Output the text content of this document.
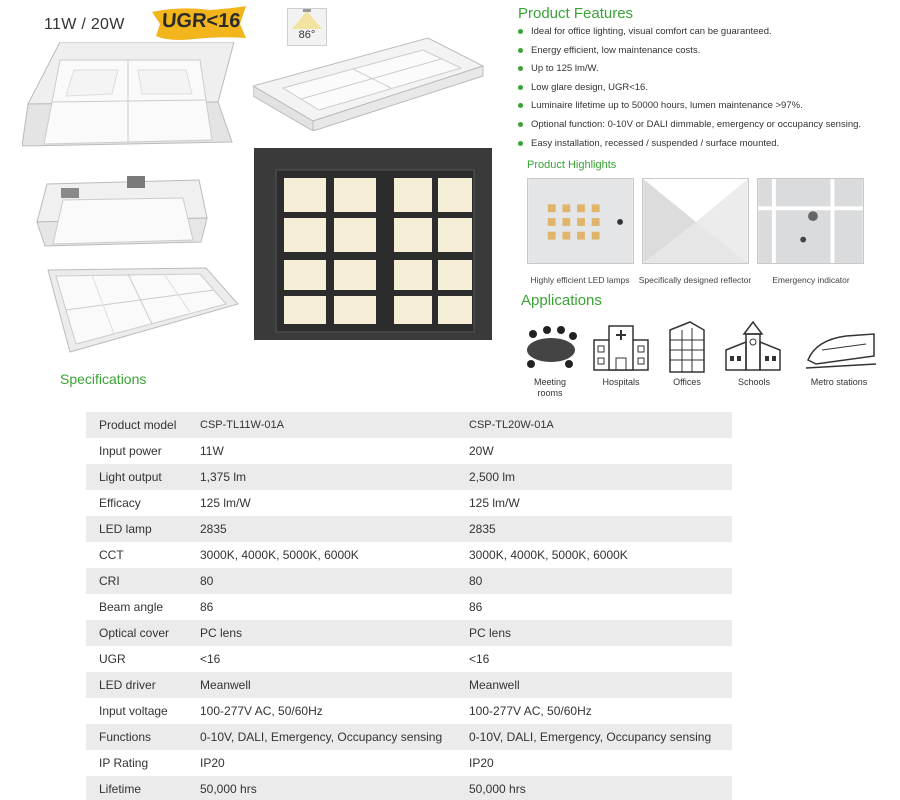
11W / 20W UGR<16
86°
Product Features
Ideal for office lighting, visual comfort can be guaranteed.
Energy efficient, low maintenance costs.
Up to 125 lm/W.
Low glare design, UGR<16.
Luminaire lifetime up to 50000 hours, lumen maintenance >97%.
Optional function: 0-10V or DALI dimmable, emergency or occupancy sensing.
Easy installation, recessed / suspended / surface mounted.
Product Highlights
Highly efficient LED lamps	Specifically designed reflector	Emergency indicator
Applications
Meeting rooms
Hospitals	Offices	Schools	Metro stations
Specifications
Product model	CSP-TL11W-01A	CSP-TL20W-01A
Input power	11W	20W
Light output	1,375 lm	2,500 lm
Efficacy	125 lm/W	125 lm/W
LED lamp	2835	2835
CCT	3000K, 4000K, 5000K, 6000K	3000K, 4000K, 5000K, 6000K
CRI	80	80
Beam angle	86	86
Optical cover	PC lens	PC lens
UGR	<16	<16
LED driver	Meanwell	Meanwell
Input voltage	100-277V AC, 50/60Hz	100-277V AC, 50/60Hz
Functions	0-10V, DALI, Emergency, Occupancy sensing	0-10V, DALI, Emergency, Occupancy sensing
IP Rating	IP20	IP20
Lifetime	50,000 hrs	50,000 hrs
